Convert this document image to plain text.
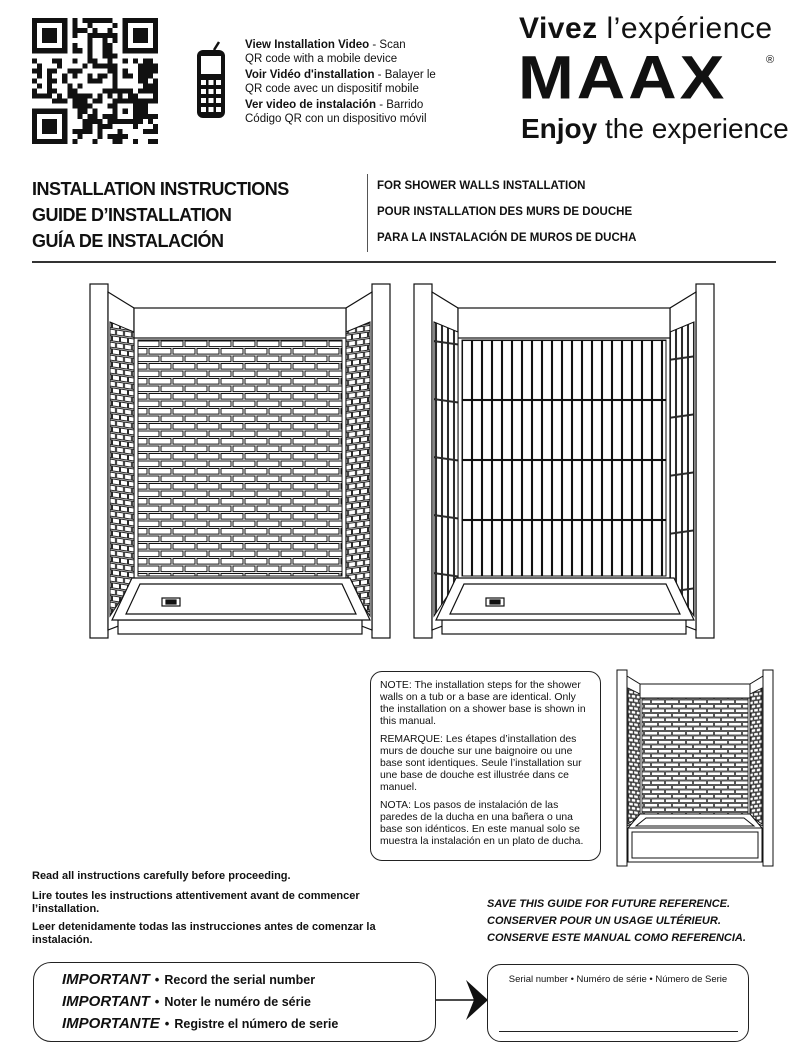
View Installation Video - Scan
QR code with a mobile device

Voir Vidéo d'installation - Balayer le
QR code avec un dispositif mobile

Ver video de instalación - Barrido
Código QR con un dispositivo móvil

Vivez l’expérience
MAAX	®
Enjoy the experience
INSTALLATION INSTRUCTIONS
GUIDE D’INSTALLATION
GUÍA DE INSTALACIÓN
FOR SHOWER WALLS INSTALLATION
POUR INSTALLATION DES MURS DE DOUCHE
PARA LA INSTALACIÓN DE MUROS DE DUCHA

NOTE: The installation steps for the shower walls on a tub or a base are identical. Only the installation on a shower base is shown in this manual.

REMARQUE: Les étapes d’installation des murs de douche sur une baignoire ou une base sont identiques. Seule l’installation sur une base de douche est illustrée dans ce manuel.

NOTA: Los pasos de instalación de las paredes de la ducha en una bañera o una base son idénticos. En este manual solo se muestra la instalación en un plato de ducha.

Read all instructions carefully before proceeding.

Lire toutes les instructions attentivement avant de commencer l’installation.

Leer detenidamente todas las instrucciones antes de comenzar la instalación.

SAVE THIS GUIDE FOR FUTURE REFERENCE.
CONSERVER POUR UN USAGE ULTÉRIEUR.
CONSERVE ESTE MANUAL COMO REFERENCIA.
IMPORTANT • Record the serial number
IMPORTANT • Noter le numéro de série
IMPORTANTE • Registre el número de serie
Serial number • Numéro de série • Número de Serie
